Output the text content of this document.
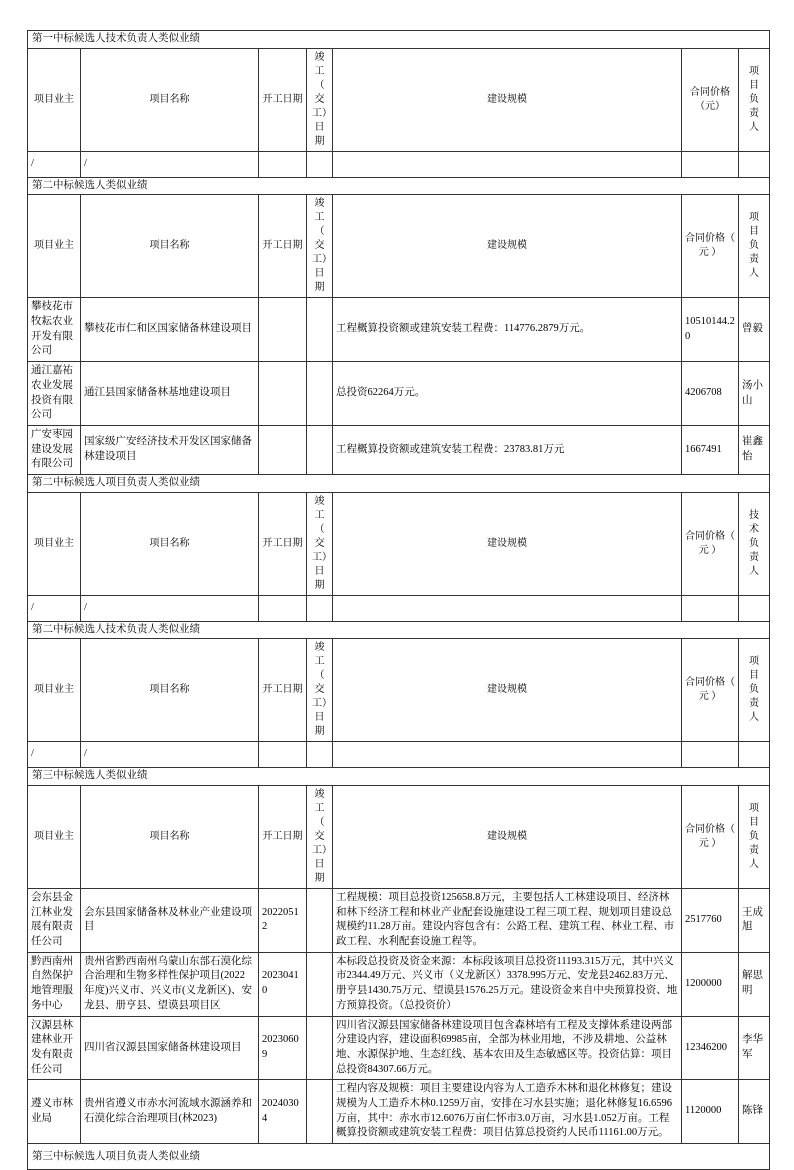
第一中标候选人技术负责人类似业绩						
项目业主	项目名称	开工日期	竣工（交工）日期	建设规模	合同价格（元）	项目负责人
/	/					
第二中标候选人类似业绩						
项目业主	项目名称	开工日期	竣工（交工）日期	建设规模	合同价格（ 元 ）	项目负责人
攀枝花市牧耘农业开发有限公司	攀枝花市仁和区国家储备林建设项目			工程概算投资额或建筑安装工程费：114776.2879万元。	10510144.20	曾毅
通江嘉祐农业发展投资有限公司	通江县国家储备林基地建设项目			总投资62264万元。	4206708	汤小山
广安枣园建设发展有限公司	国家级广安经济技术开发区国家储备林建设项目			工程概算投资额或建筑安装工程费：23783.81万元	1667491	崔鑫怡
第二中标候选人项目负责人类似业绩						
项目业主	项目名称	开工日期	竣工（交工）日期	建设规模	合同价格（ 元 ）	技术负责人
/	/					
第二中标候选人技术负责人类似业绩						
项目业主	项目名称	开工日期	竣工（交工）日期	建设规模	合同价格（ 元 ）	项目负责人
/	/					
第三中标候选人类似业绩						
项目业主	项目名称	开工日期	竣工（交工）日期	建设规模	合同价格（ 元 ）	项目负责人
会东县金江林业发展有限责任公司	会东县国家储备林及林业产业建设项目	20220512		工程规模：项目总投资125658.8万元，主要包括人工林建设项目、经济林和林下经济工程和林业产业配套设施建设工程三项工程、规划项目建设总规模约11.28万亩。建设内容包含有：公路工程、建筑工程、林业工程、市政工程、水利配套设施工程等。	2517760	王成旭
黔西南州自然保护地管理服务中心	贵州省黔西南州乌蒙山东部石漠化综合治理和生物多样性保护项目(2022年度)兴义市、兴义市(义龙新区)、安龙县、册亨县、望谟县项目区	20230410		本标段总投资及资金来源：本标段该项目总投资11193.315万元，其中兴义市2344.49万元、兴义市（义龙新区）3378.995万元、安龙县2462.83万元、册亨县1430.75万元、望谟县1576.25万元。建设资金来自中央预算投资、地方预算投资。（总投资价）	1200000	解思明
汉源县林建林业开发有限责任公司	四川省汉源县国家储备林建设项目	20230609		四川省汉源县国家储备林建设项目包含森林培有工程及支撑体系建设两部分建设内容，建设面积69985亩，全部为林业用地，不涉及耕地、公益林地、水源保护地、生态红线、基本农田及生态敏感区等。投资估算：项目总投资84307.66万元。	12346200	李华军
遵义市林业局	贵州省遵义市赤水河流域水源涵养和石漠化综合治理项目(林2023)	20240304		工程内容及规模：项目主要建设内容为人工造乔木林和退化林修复；建设规模为人工造乔木林0.1259万亩，安排在习水县实施；退化林修复16.6596万亩，其中：赤水市12.6076万亩仁怀市3.0万亩，习水县1.052万亩。工程概算投资额或建筑安装工程费：项目估算总投资约人民币11161.00万元。	1120000	陈锋
第三中标候选人项目负责人类似业绩						
